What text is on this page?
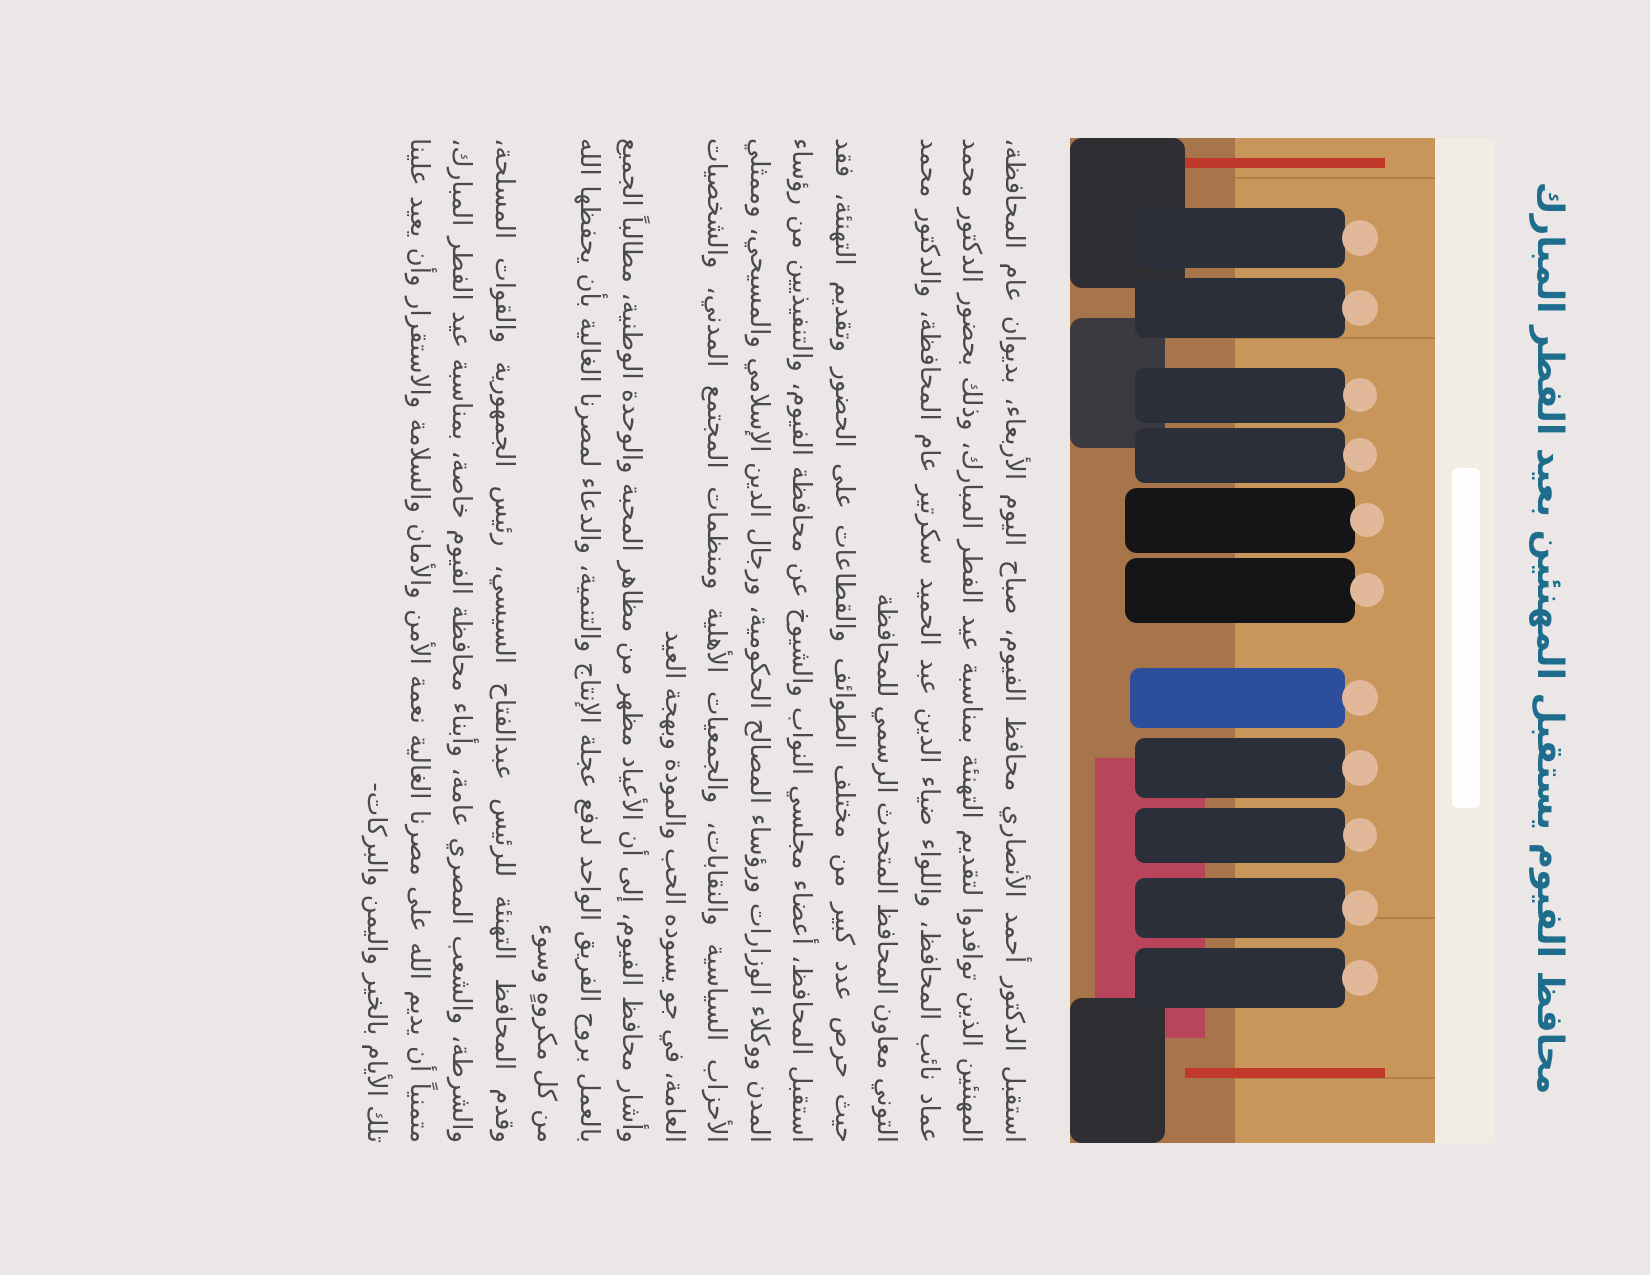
محافظ الفيوم يستقبل المهنئين بعيد الفطر المبارك

استقبل الدكتور أحمد الأنصاري محافظ الفيوم، صباح اليوم الأربعاء، بديوان عام المحافظة، المهنئين الذين توافدوا لتقديم التهنئة بمناسبة عيد الفطر المبارك، وذلك بحضور الدكتور محمد عماد نائب المحافظ، واللواء ضياء الدين عبد الحميد سكرتير عام المحافظة، والدكتور محمد التوني معاون المحافظ المتحدث الرسمي للمحافظة

حيث حرص عدد كبير من مختلف الطوائف والقطاعات على الحضور وتقديم التهنئة، فقد استقبل المحافظ، أعضاء مجلسي النواب والشيوخ عن محافظة الفيوم، والتنفيذيين من رؤساء المدن ووكلاء الوزارات ورؤساء المصالح الحكومية، ورجال الدين الإسلامي والمسيحي، وممثلي الأحزاب السياسية والنقابات، والجمعيات الأهلية ومنظمات المجتمع المدني، والشخصيات العامة، في جو يسوده الحب والمودة وبهجة العيد

وأشار محافظ الفيوم، إلى أن الأعياد مظهر من مظاهر المحبة والوحدة الوطنية، مطالباً الجميع بالعمل بروح الفريق الواحد لدفع عجلة الإنتاج والتنمية، والدعاء لمصرنا الغالية بأن يحفظها الله من كل مكروهٍ وسوء

وقدم المحافظ التهنئة للرئيس عبدالفتاح السيسي، رئيس الجمهورية والقوات المسلحة، والشرطة، والشعب المصري عامة، وأبناء محافظة الفيوم خاصة، بمناسبة عيد الفطر المبارك، متمنياً أن يديم الله على مصرنا الغالية نعمة الأمن والأمان والسلامة والاستقرار وأن يعيد علينا تلك الأيام بالخير واليمن والبركات-
